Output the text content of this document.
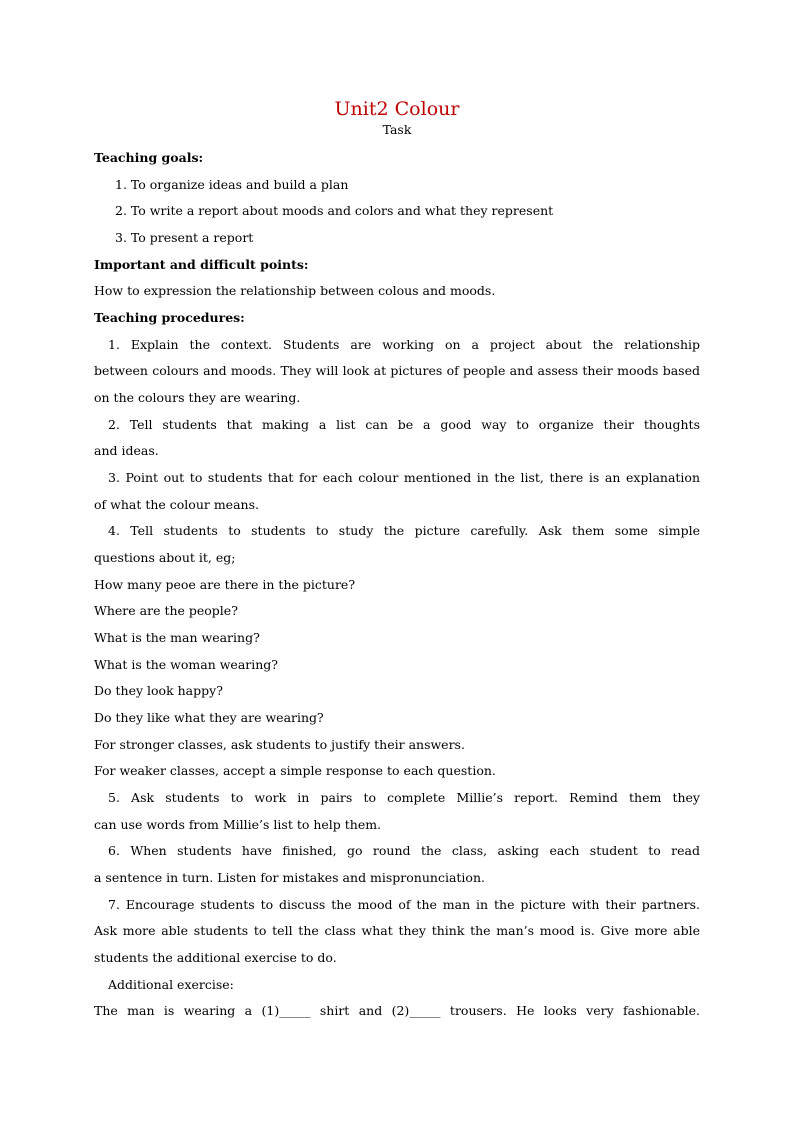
Unit2 Colour
Task
Teaching goals:
1. To organize ideas and build a plan
2. To write a report about moods and colors and what they represent
3. To present a report
Important and difficult points:
How to expression the relationship between colous and moods.
Teaching procedures:
1. Explain the context. Students are working on a project about the relationship
between colours and moods. They will look at pictures of people and assess their moods based
on the colours they are wearing.
2. Tell students that making a list can be a good way to organize their thoughts
and ideas.
3. Point out to students that for each colour mentioned in the list, there is an explanation
of what the colour means.
4. Tell students to students to study the picture carefully. Ask them some simple
questions about it, eg;
How many peoe are there in the picture?
Where are the people?
What is the man wearing?
What is the woman wearing?
Do they look happy?
Do they like what they are wearing?
For stronger classes, ask students to justify their answers.
For weaker classes, accept a simple response to each question.
5. Ask students to work in pairs to complete Millie’s report. Remind them they
can use words from Millie’s list to help them.
6. When students have finished, go round the class, asking each student to read
a sentence in turn. Listen for mistakes and mispronunciation.
7. Encourage students to discuss the mood of the man in the picture with their partners.
Ask more able students to tell the class what they think the man’s mood is. Give more able
students the additional exercise to do.
Additional exercise:
The man is wearing a (1)_____ shirt and (2)_____ trousers. He looks very fashionable.
